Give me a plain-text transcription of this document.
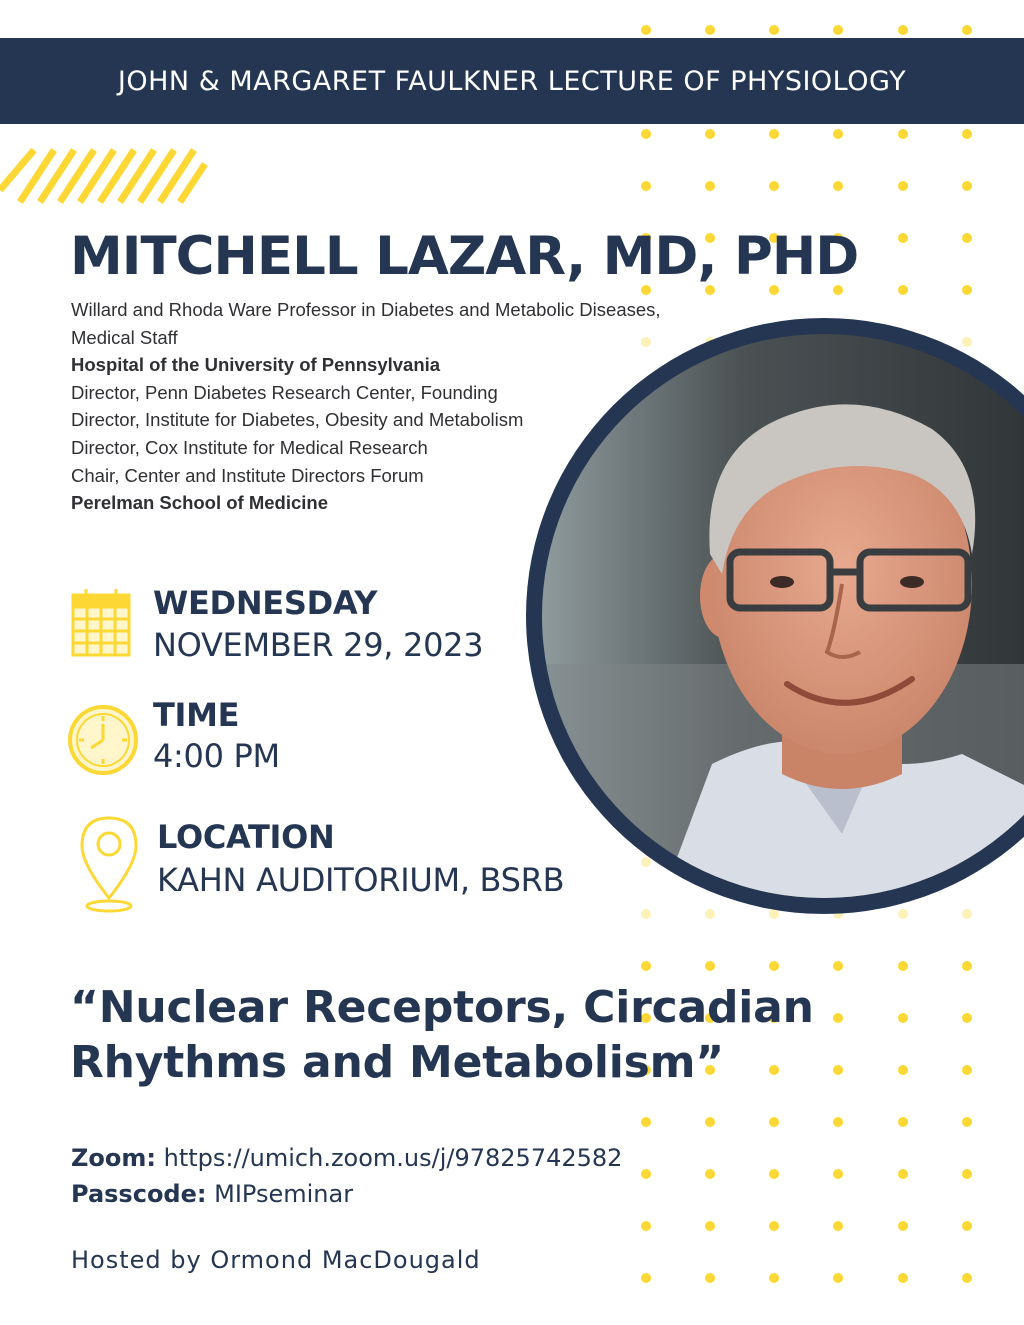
JOHN & MARGARET FAULKNER LECTURE OF PHYSIOLOGY
MITCHELL LAZAR, MD, PHD
Willard and Rhoda Ware Professor in Diabetes and Metabolic Diseases,
Medical Staff
Hospital of the University of Pennsylvania
Director, Penn Diabetes Research Center, Founding
Director, Institute for Diabetes, Obesity and Metabolism
Director, Cox Institute for Medical Research
Chair, Center and Institute Directors Forum
Perelman School of Medicine
WEDNESDAY
NOVEMBER 29, 2023
TIME
4:00 PM
LOCATION
KAHN AUDITORIUM, BSRB
“Nuclear Receptors, Circadian
Rhythms and Metabolism”
Zoom: https://umich.zoom.us/j/97825742582
Passcode: MIPseminar
Hosted by Ormond MacDougald
